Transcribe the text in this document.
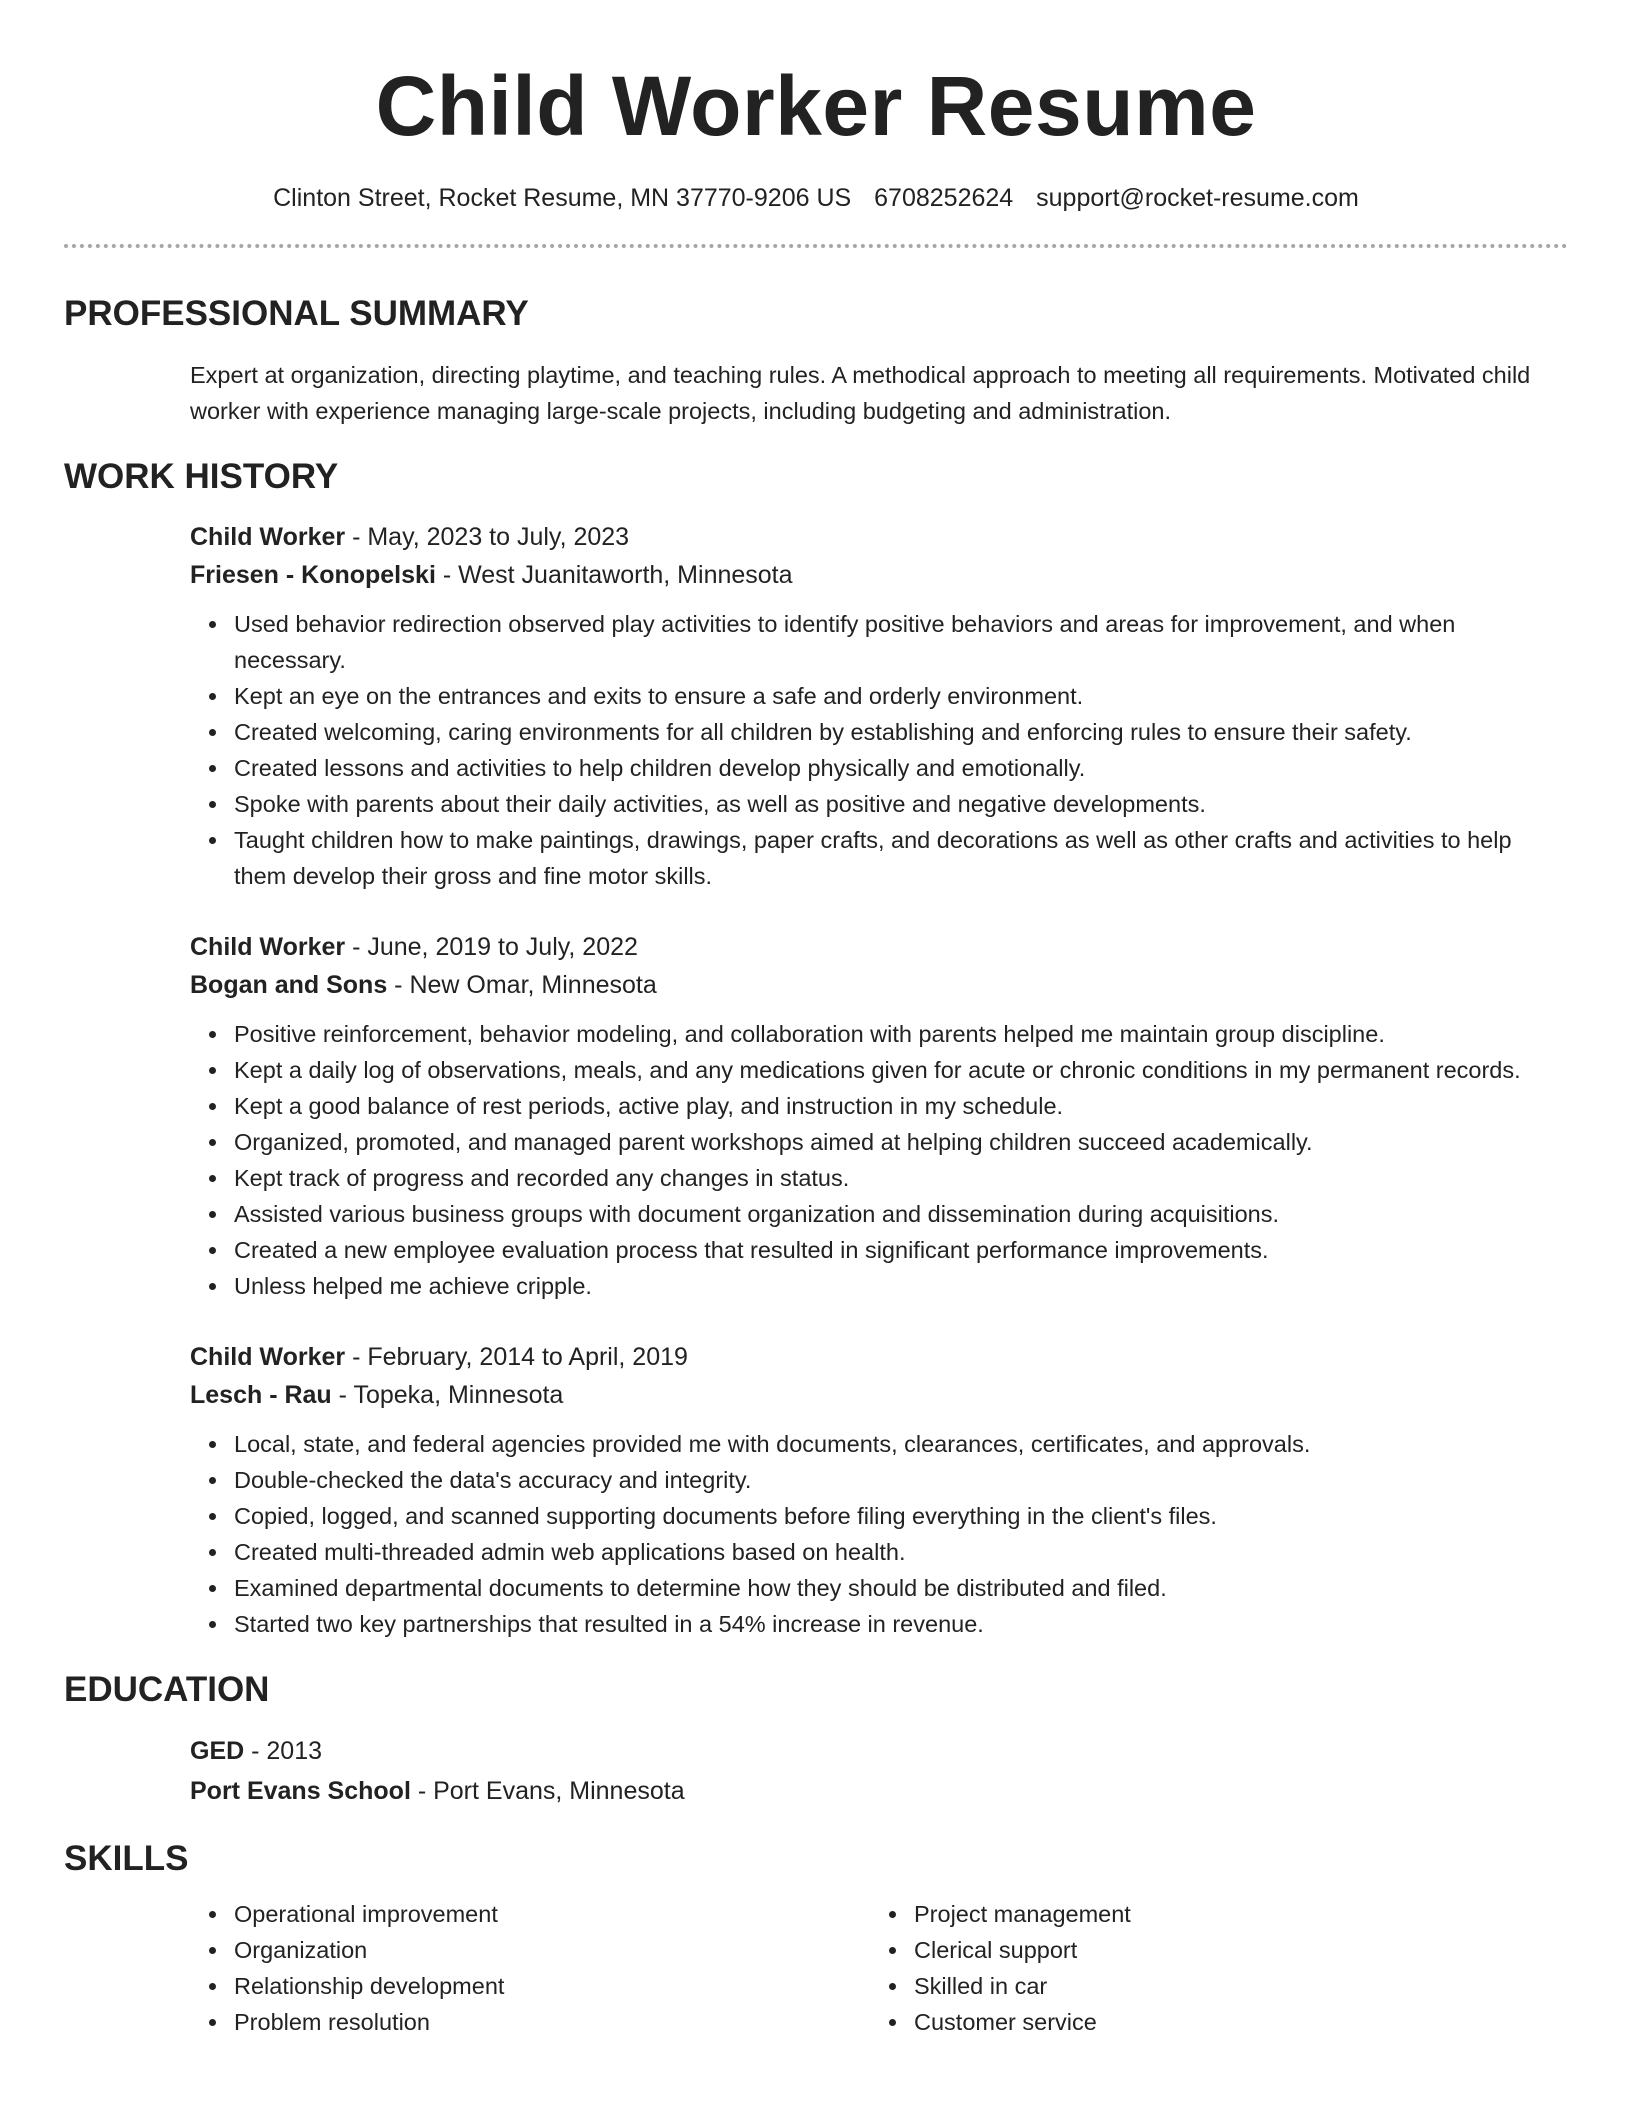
Child Worker Resume
Clinton Street, Rocket Resume, MN 37770-9206 US 6708252624 support@rocket-resume.com
PROFESSIONAL SUMMARY

Expert at organization, directing playtime, and teaching rules. A methodical approach to meeting all requirements. Motivated child worker with experience managing large-scale projects, including budgeting and administration.

WORK HISTORY

Child Worker - May, 2023 to July, 2023

Friesen - Konopelski - West Juanitaworth, Minnesota

Used behavior redirection observed play activities to identify positive behaviors and areas for improvement, and when necessary.
Kept an eye on the entrances and exits to ensure a safe and orderly environment.
Created welcoming, caring environments for all children by establishing and enforcing rules to ensure their safety.
Created lessons and activities to help children develop physically and emotionally.
Spoke with parents about their daily activities, as well as positive and negative developments.
Taught children how to make paintings, drawings, paper crafts, and decorations as well as other crafts and activities to help them develop their gross and fine motor skills.

Child Worker - June, 2019 to July, 2022

Bogan and Sons - New Omar, Minnesota

Positive reinforcement, behavior modeling, and collaboration with parents helped me maintain group discipline.
Kept a daily log of observations, meals, and any medications given for acute or chronic conditions in my permanent records.
Kept a good balance of rest periods, active play, and instruction in my schedule.
Organized, promoted, and managed parent workshops aimed at helping children succeed academically.
Kept track of progress and recorded any changes in status.
Assisted various business groups with document organization and dissemination during acquisitions.
Created a new employee evaluation process that resulted in significant performance improvements.
Unless helped me achieve cripple.

Child Worker - February, 2014 to April, 2019

Lesch - Rau - Topeka, Minnesota

Local, state, and federal agencies provided me with documents, clearances, certificates, and approvals.
Double-checked the data's accuracy and integrity.
Copied, logged, and scanned supporting documents before filing everything in the client's files.
Created multi-threaded admin web applications based on health.
Examined departmental documents to determine how they should be distributed and filed.
Started two key partnerships that resulted in a 54% increase in revenue.
EDUCATION

GED - 2013

Port Evans School - Port Evans, Minnesota

SKILLS
Operational improvement
Organization
Relationship development
Problem resolution
Project management
Clerical support
Skilled in car
Customer service
